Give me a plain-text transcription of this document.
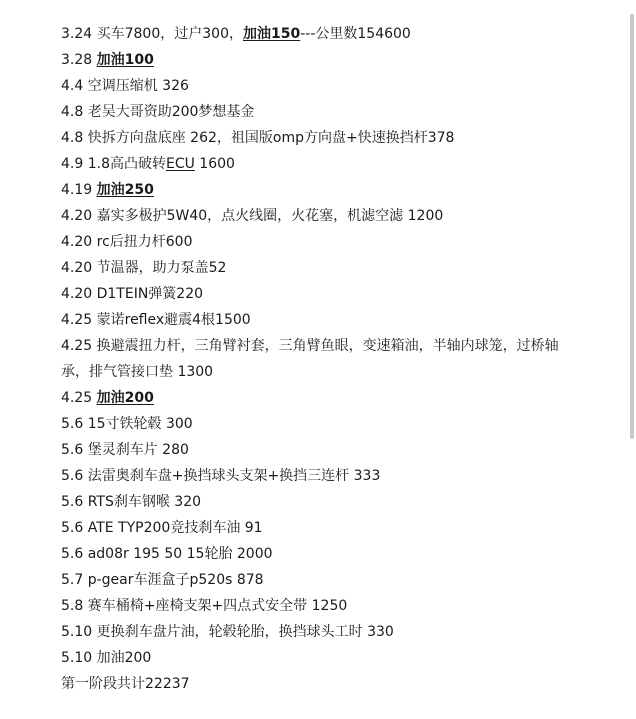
3.24 买车7800，过户300，加油150---公里数154600
3.28 加油100
4.4 空调压缩机 326
4.8 老吴大哥资助200梦想基金
4.8 快拆方向盘底座 262，祖国版omp方向盘+快速换挡杆378
4.9 1.8高凸破转ECU 1600
4.19 加油250
4.20 嘉实多极护5W40，点火线圈，火花塞，机滤空滤 1200
4.20 rc后扭力杆600
4.20 节温器，助力泵盖52
4.20 D1TEIN弹簧220
4.25 蒙诺reflex避震4根1500
4.25 换避震扭力杆，三角臂衬套，三角臂鱼眼，变速箱油，半轴内球笼，过桥轴
承，排气管接口垫 1300
4.25 加油200
5.6 15寸铁轮毂 300
5.6 堡灵刹车片 280
5.6 法雷奥刹车盘+换挡球头支架+换挡三连杆 333
5.6 RTS刹车钢喉 320
5.6 ATE TYP200竞技刹车油 91
5.6 ad08r 195 50 15轮胎 2000
5.7 p-gear车涯盒子p520s 878
5.8 赛车桶椅+座椅支架+四点式安全带 1250
5.10 更换刹车盘片油，轮毂轮胎，换挡球头工时 330
5.10 加油200
第一阶段共计22237
